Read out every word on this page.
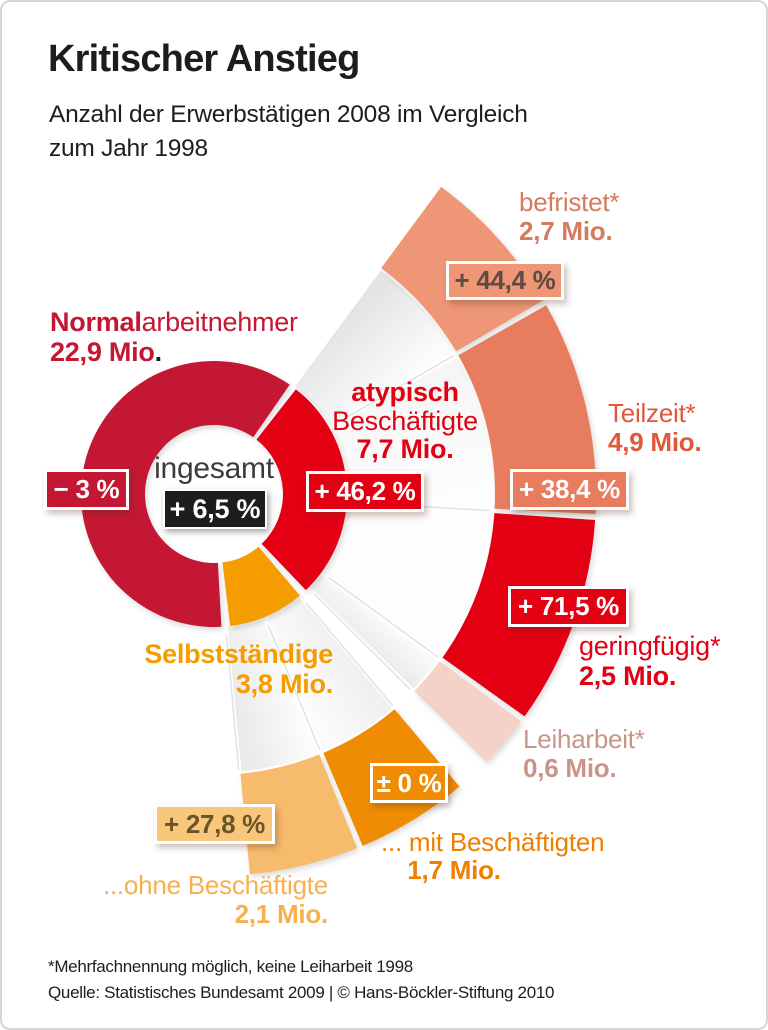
Kritischer Anstieg
Anzahl der Erwerbstätigen 2008 im Vergleich
zum Jahr 1998
befristet*
2,7 Mio.
+ 44,4 %
Normalarbeitnehmer
22,9 Mio.
− 3 %
atypisch
Beschäftigte
7,7 Mio.
+ 46,2 %
ingesamt
+ 6,5 %
Teilzeit*
4,9 Mio.
+ 38,4 %
+ 71,5 %
geringfügig*
2,5 Mio.
Leiharbeit*
0,6 Mio.
Selbstständige
3,8 Mio.
± 0 %
... mit Beschäftigten
1,7 Mio.
+ 27,8 %
...ohne Beschäftigte
2,1 Mio.
*Mehrfachnennung möglich, keine Leiharbeit 1998
Quelle: Statistisches Bundesamt 2009 | © Hans-Böckler-Stiftung 2010
